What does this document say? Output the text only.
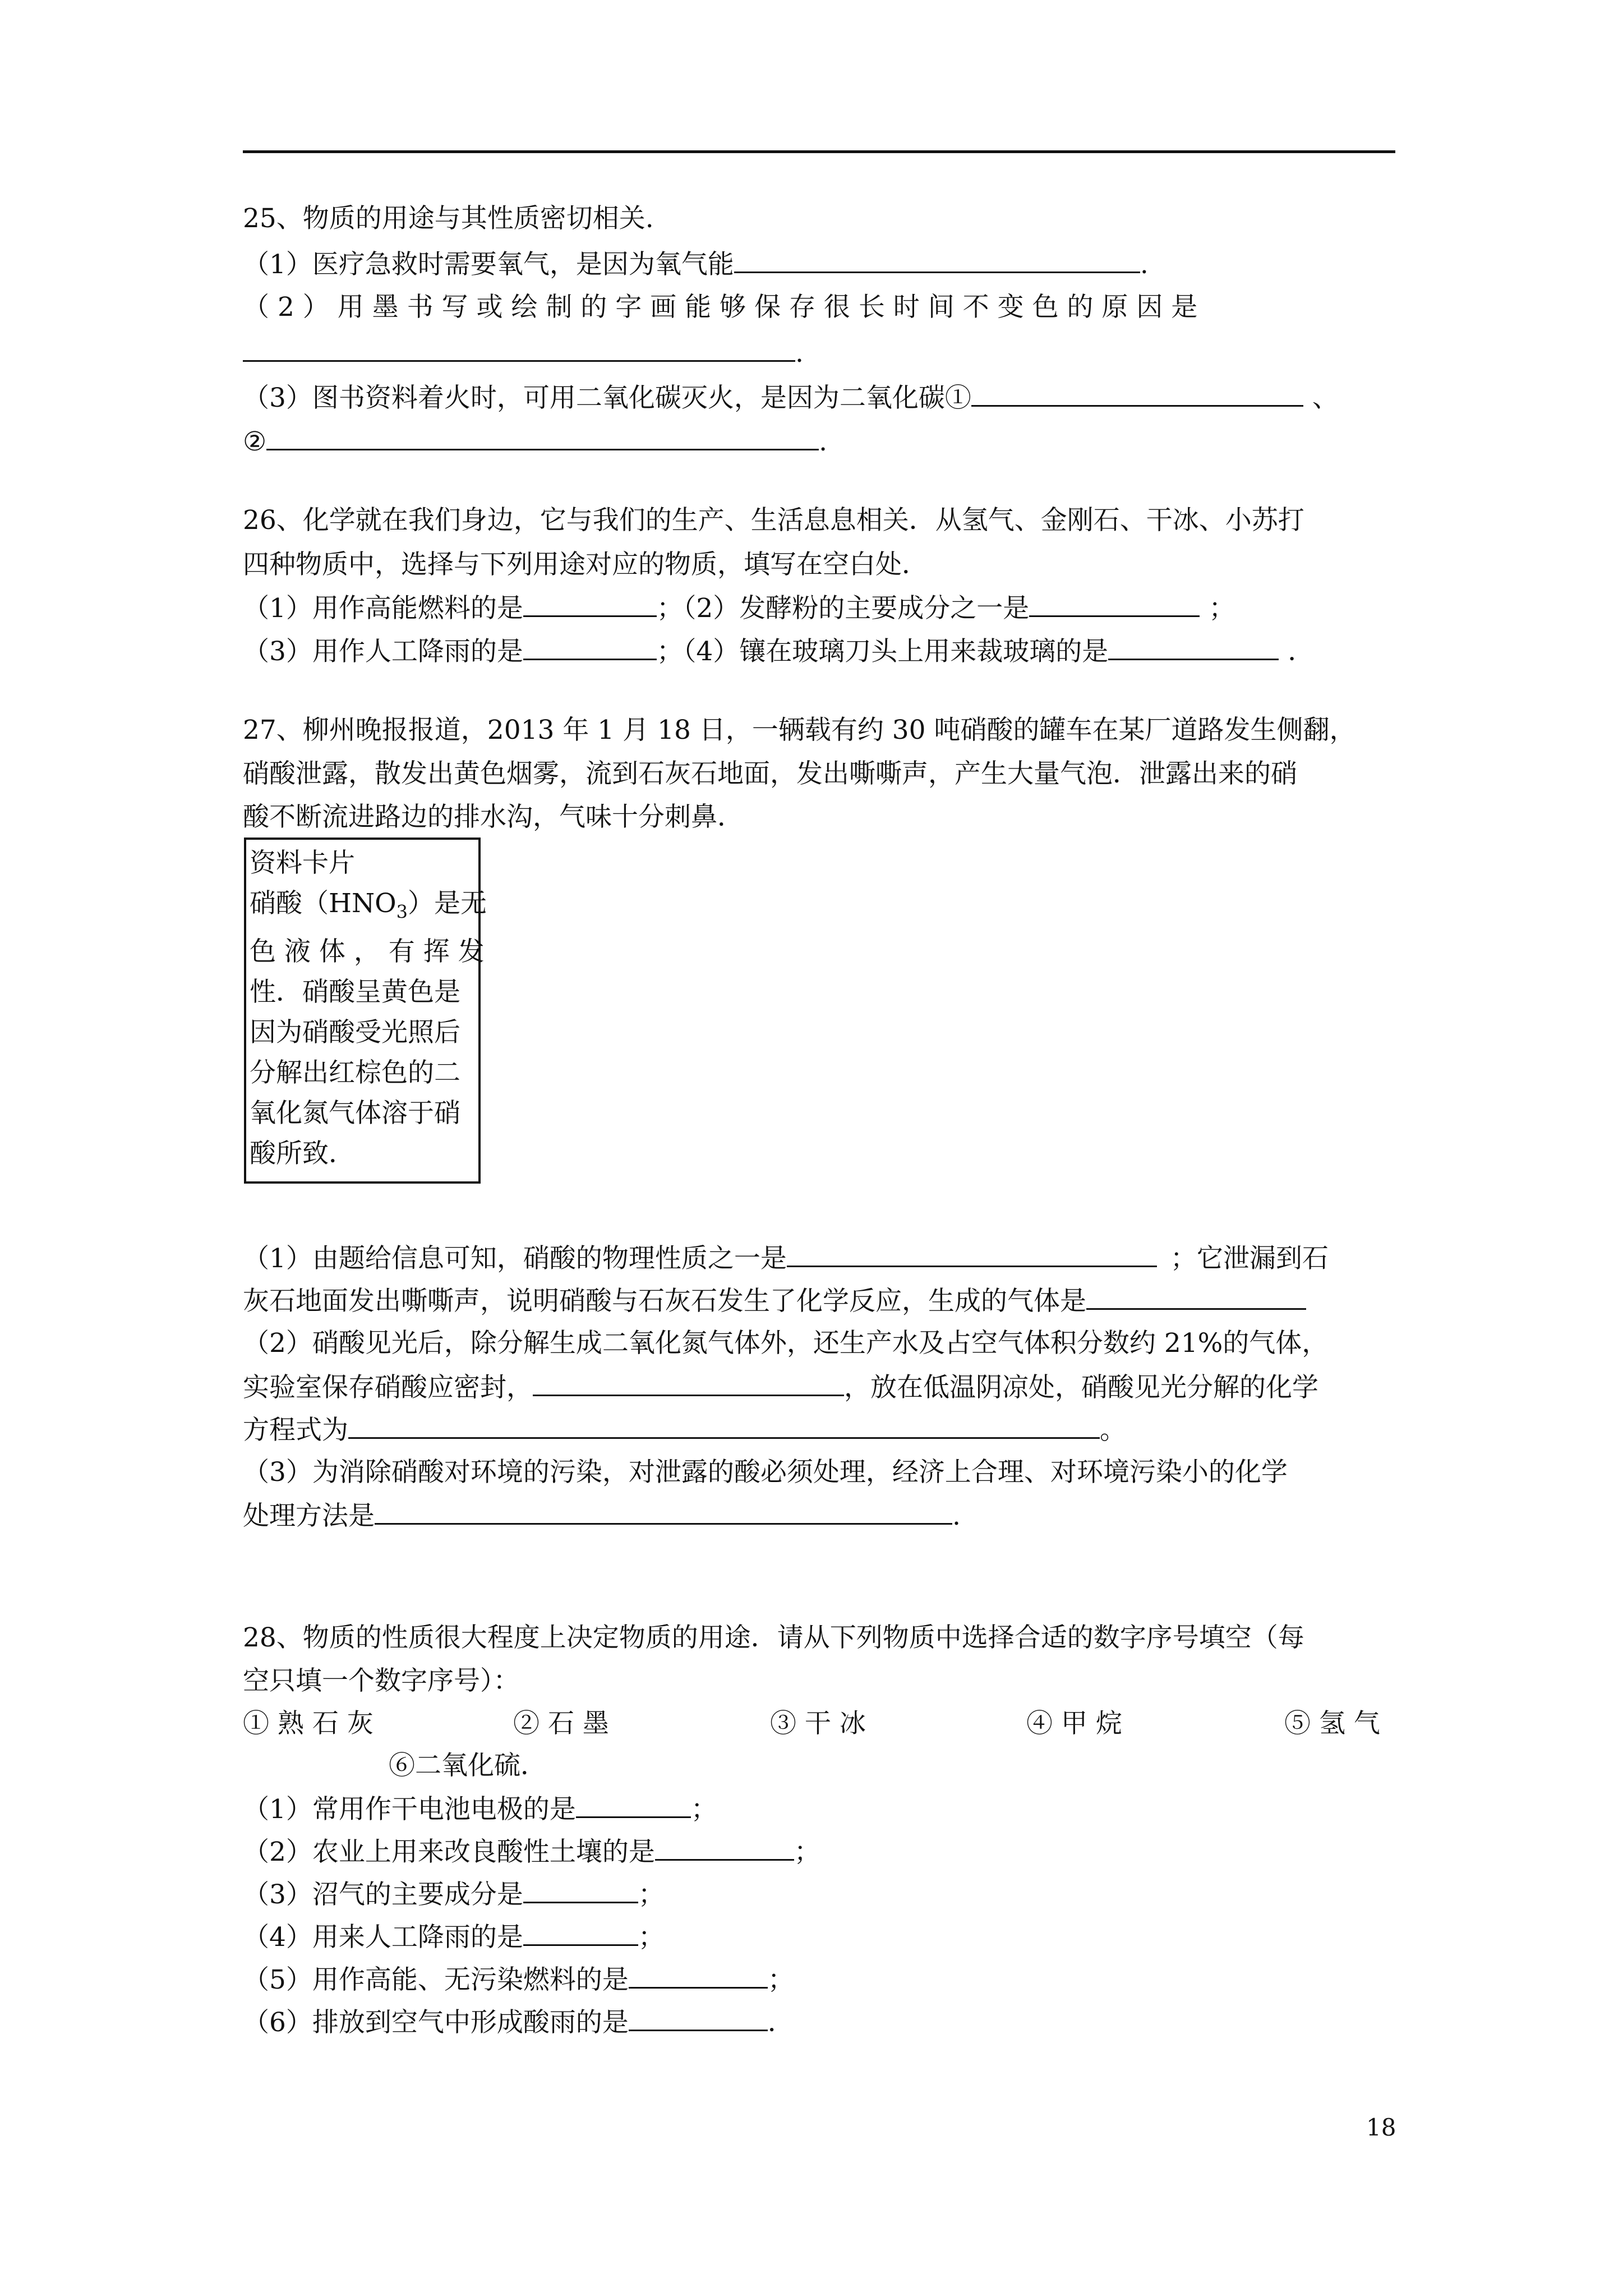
25、物质的用途与其性质密切相关.
（1）医疗急救时需要氧气，是因为氧气能	.
（ 2 ） 用 墨 书 写 或 绘 制 的 字 画 能 够 保 存 很 长 时 间 不 变 色 的 原 因 是
.
（3）图书资料着火时，可用二氧化碳灭火，是因为二氧化碳①	、
②	.
26、化学就在我们身边，它与我们的生产、生活息息相关．从氢气、金刚石、干冰、小苏打
四种物质中，选择与下列用途对应的物质，填写在空白处．
（1）用作高能燃料的是	；（2）发酵粉的主要成分之一是	；
（3）用作人工降雨的是	；（4）镶在玻璃刀头上用来裁玻璃的是	．
27、柳州晚报报道，2013 年 1 月 18 日，一辆载有约 30 吨硝酸的罐车在某厂道路发生侧翻，
硝酸泄露，散发出黄色烟雾，流到石灰石地面，发出嘶嘶声，产生大量气泡．泄露出来的硝
酸不断流进路边的排水沟，气味十分刺鼻．
资料卡片
硝酸$(HNO_3)$是无
色 液 体 ， 有 挥 发
性．硝酸呈黄色是
因为硝酸受光照后
分解出红棕色的二
氧化氮气体溶于硝
酸所致．
（1）由题给信息可知，硝酸的物理性质之一是	；它泄漏到石
灰石地面发出嘶嘶声，说明硝酸与石灰石发生了化学反应，生成的气体是
（2）硝酸见光后，除分解生成二氧化氮气体外，还生产水及占空气体积分数约 21%的气体，
实验室保存硝酸应密封，	，放在低温阴凉处，硝酸见光分解的化学
方程式为	。
（3）为消除硝酸对环境的污染，对泄露的酸必须处理，经济上合理、对环境污染小的化学
处理方法是	.
28、物质的性质很大程度上决定物质的用途．请从下列物质中选择合适的数字序号填空（每
空只填一个数字序号）：
① 熟 石 灰	② 石 墨	③ 干 冰	④ 甲 烷	⑤ 氢 气
⑥二氧化硫．
（1）常用作干电池电极的是	；
（2）农业上用来改良酸性土壤的是	；
（3）沼气的主要成分是	；
（4）用来人工降雨的是	；
（5）用作高能、无污染燃料的是	；
（6）排放到空气中形成酸雨的是	．
18
